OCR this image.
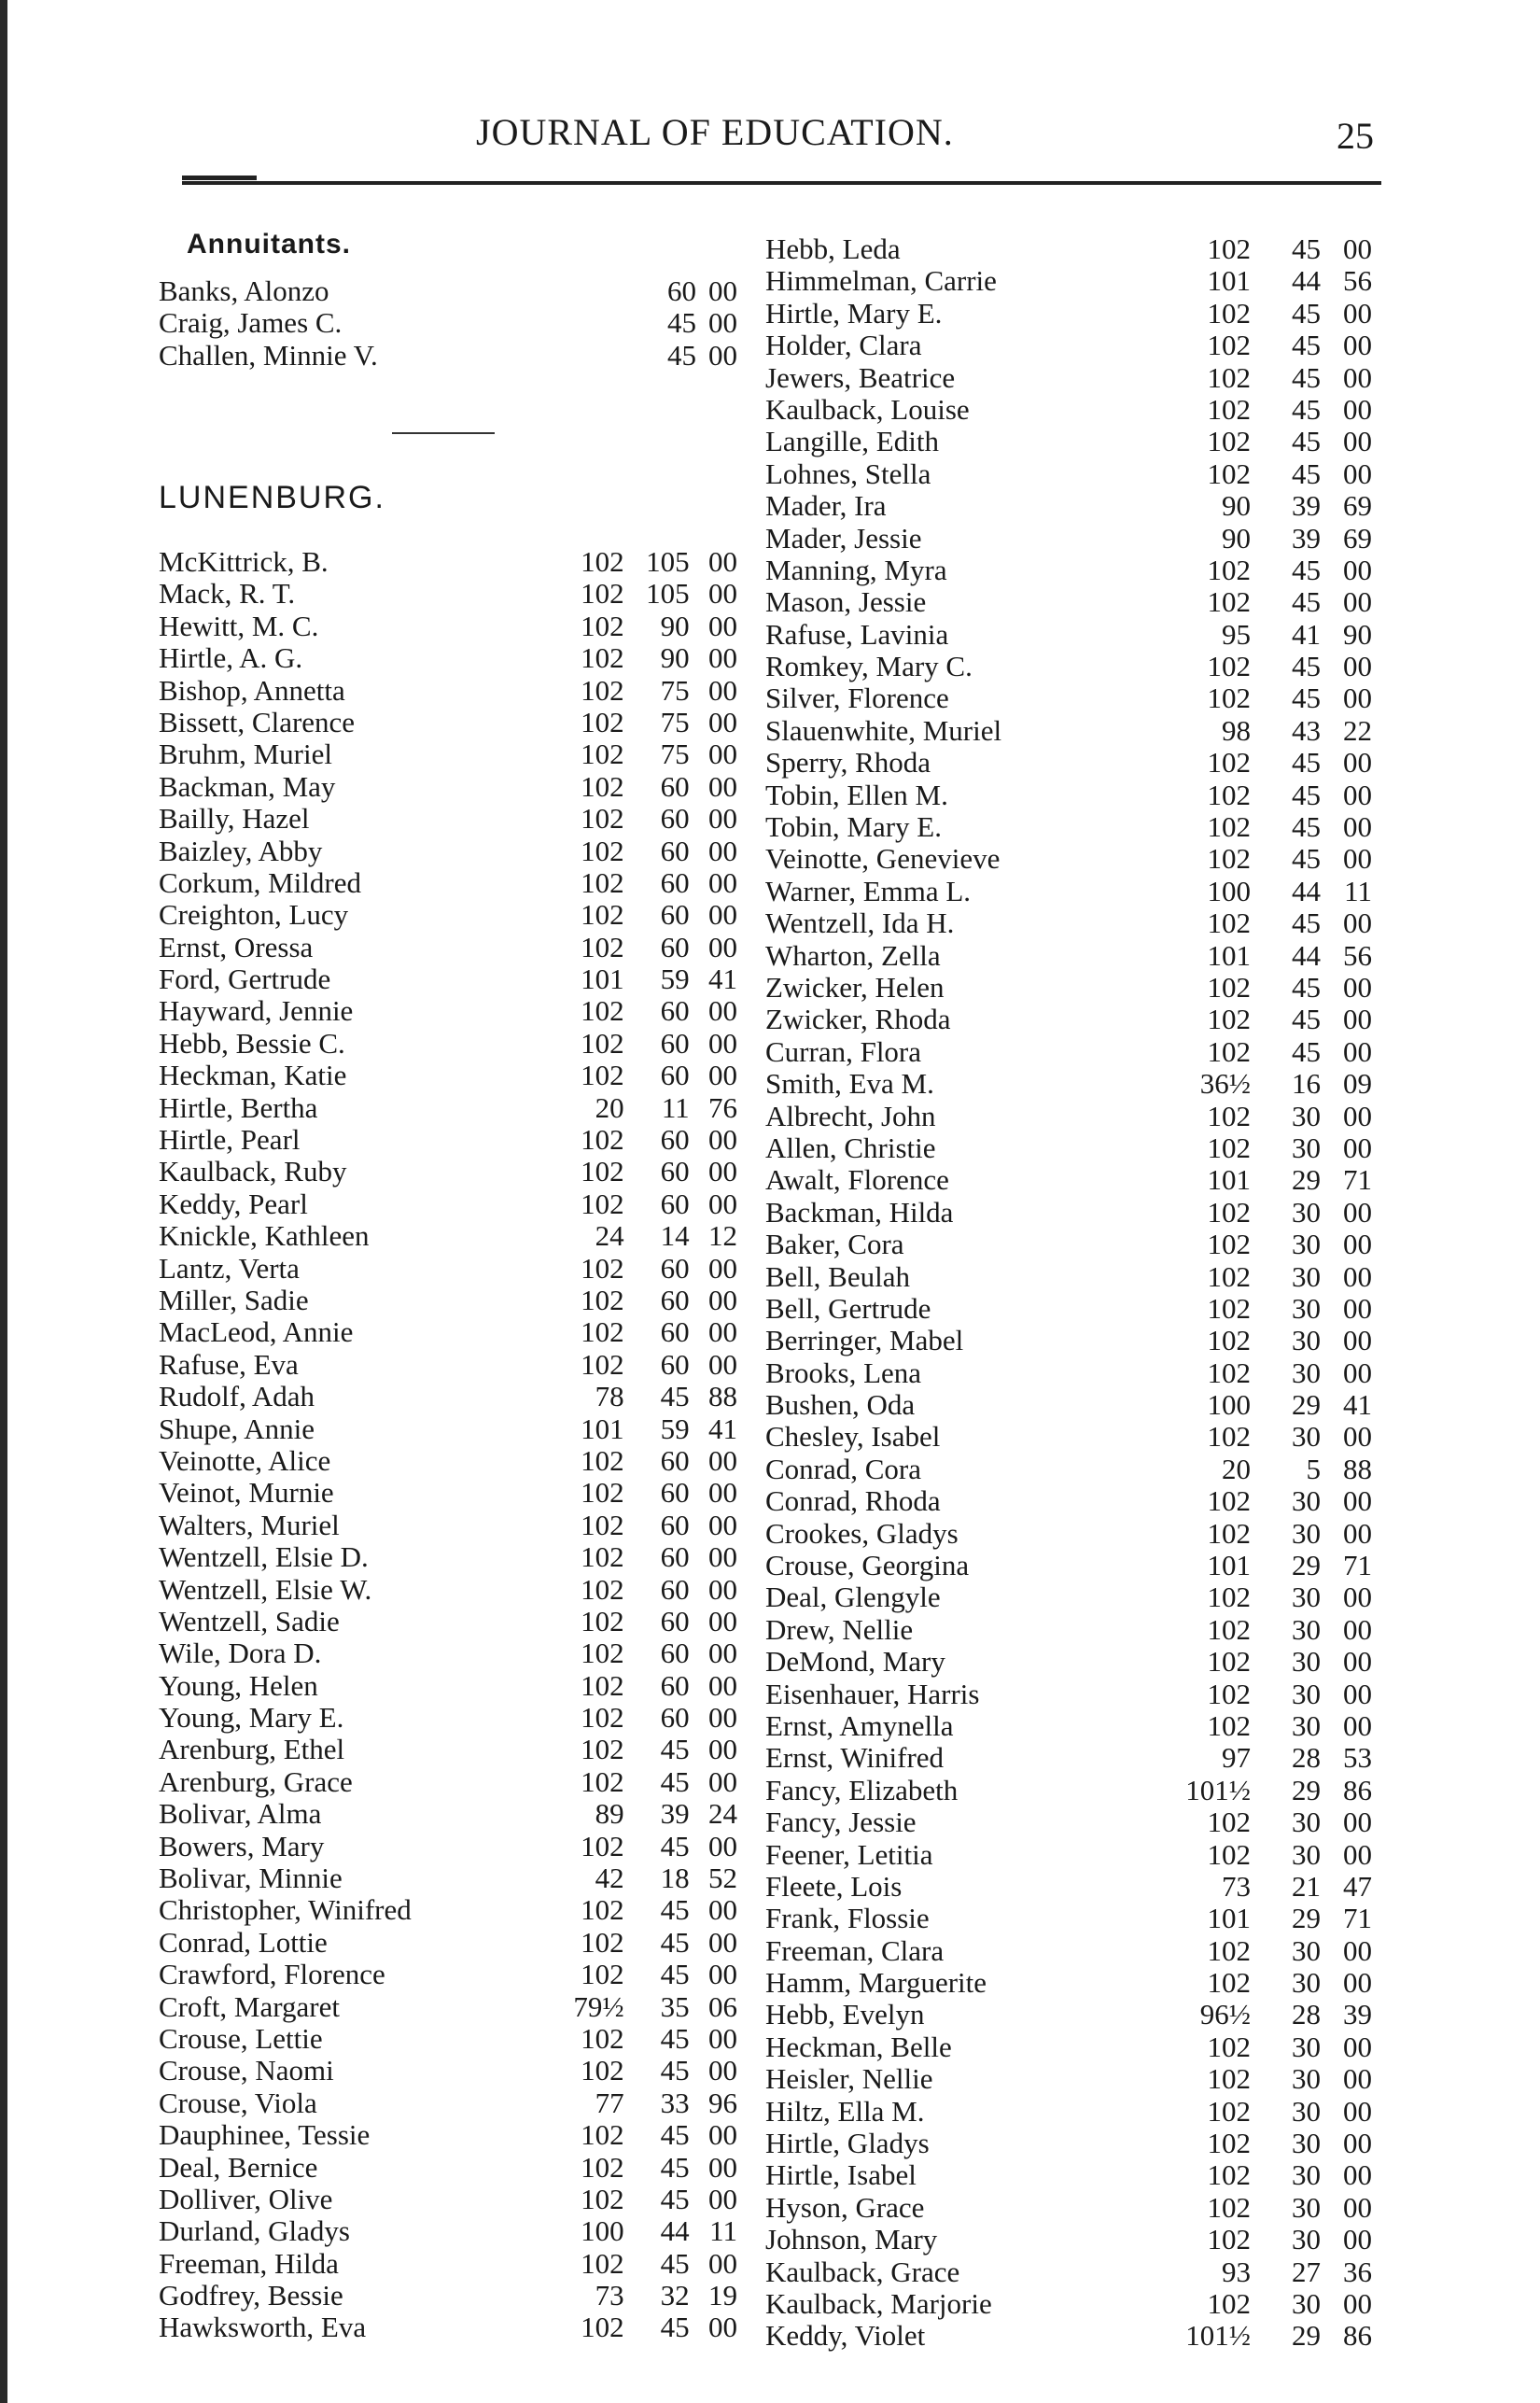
JOURNAL OF EDUCATION.	25
Annuitants.
Banks, Alonzo	60 00
Craig, James C.	45 00
Challen, Minnie V.	45 00
LUNENBURG.
McKittrick, B.	102 105 00
Mack, R. T.	102 105 00
Hewitt, M. C.	102	90 00
Hirtle, A. G.	102	90 00
Bishop, Annetta	102	75 00
Bissett, Clarence	102	75 00
Bruhm, Muriel	102	75 00
Backman, May	102	60 00
Bailly, Hazel	102	60 00
Baizley, Abby	102	60 00
Corkum, Mildred	102	60 00
Creighton, Lucy	102	60 00
Ernst, Oressa	102	60 00
Ford, Gertrude	101	59 41
Hayward, Jennie	102	60 00
Hebb, Bessie C.	102	60 00
Heckman, Katie	102	60 00
Hirtle, Bertha	20	11 76
Hirtle, Pearl	102	60 00
Kaulback, Ruby	102	60 00
Keddy, Pearl	102	60 00
Knickle, Kathleen	24	14 12
Lantz, Verta	102	60 00
Miller, Sadie	102	60 00
MacLeod, Annie	102	60 00
Rafuse, Eva	102	60 00
Rudolf, Adah	78	45 88
Shupe, Annie	101	59 41
Veinotte, Alice	102	60 00
Veinot, Murnie	102	60 00
Walters, Muriel	102	60 00
Wentzell, Elsie D.	102	60 00
Wentzell, Elsie W.	102	60 00
Wentzell, Sadie	102	60 00
Wile, Dora D.	102	60 00
Young, Helen	102	60 00
Young, Mary E.	102	60 00
Arenburg, Ethel	102	45 00
Arenburg, Grace	102	45 00
Bolivar, Alma	89	39 24
Bowers, Mary	102	45 00
Bolivar, Minnie	42	18 52
Christopher, Winifred	102	45 00
Conrad, Lottie	102	45 00
Crawford, Florence	102	45 00
Croft, Margaret	79½	35 06
Crouse, Lettie	102	45 00
Crouse, Naomi	102	45 00
Crouse, Viola	77	33 96
Dauphinee, Tessie	102	45 00
Deal, Bernice	102	45 00
Dolliver, Olive	102	45 00
Durland, Gladys	100	44 11
Freeman, Hilda	102	45 00
Godfrey, Bessie	73	32 19
Hawksworth, Eva	102	45 00
Hebb, Leda	102	45 00
Himmelman, Carrie	101	44 56
Hirtle, Mary E.	102	45 00
Holder, Clara	102	45 00
Jewers, Beatrice	102	45 00
Kaulback, Louise	102	45 00
Langille, Edith	102	45 00
Lohnes, Stella	102	45 00
Mader, Ira	90	39 69
Mader, Jessie	90	39 69
Manning, Myra	102	45 00
Mason, Jessie	102	45 00
Rafuse, Lavinia	95	41 90
Romkey, Mary C.	102	45 00
Silver, Florence	102	45 00
Slauenwhite, Muriel	98	43 22
Sperry, Rhoda	102	45 00
Tobin, Ellen M.	102	45 00
Tobin, Mary E.	102	45 00
Veinotte, Genevieve	102	45 00
Warner, Emma L.	100	44 11
Wentzell, Ida H.	102	45 00
Wharton, Zella	101	44 56
Zwicker, Helen	102	45 00
Zwicker, Rhoda	102	45 00
Curran, Flora	102	45 00
Smith, Eva M.	36½	16 09
Albrecht, John	102	30 00
Allen, Christie	102	30 00
Awalt, Florence	101	29 71
Backman, Hilda	102	30 00
Baker, Cora	102	30 00
Bell, Beulah	102	30 00
Bell, Gertrude	102	30 00
Berringer, Mabel	102	30 00
Brooks, Lena	102	30 00
Bushen, Oda	100	29 41
Chesley, Isabel	102	30 00
Conrad, Cora	20	5 88
Conrad, Rhoda	102	30 00
Crookes, Gladys	102	30 00
Crouse, Georgina	101	29 71
Deal, Glengyle	102	30 00
Drew, Nellie	102	30 00
DeMond, Mary	102	30 00
Eisenhauer, Harris	102	30 00
Ernst, Amynella	102	30 00
Ernst, Winifred	97	28 53
Fancy, Elizabeth	101½	29 86
Fancy, Jessie	102	30 00
Feener, Letitia	102	30 00
Fleete, Lois	73	21 47
Frank, Flossie	101	29 71
Freeman, Clara	102	30 00
Hamm, Marguerite	102	30 00
Hebb, Evelyn	96½	28 39
Heckman, Belle	102	30 00
Heisler, Nellie	102	30 00
Hiltz, Ella M.	102	30 00
Hirtle, Gladys	102	30 00
Hirtle, Isabel	102	30 00
Hyson, Grace	102	30 00
Johnson, Mary	102	30 00
Kaulback, Grace	93	27 36
Kaulback, Marjorie	102	30 00
Keddy, Violet	101½	29 86
